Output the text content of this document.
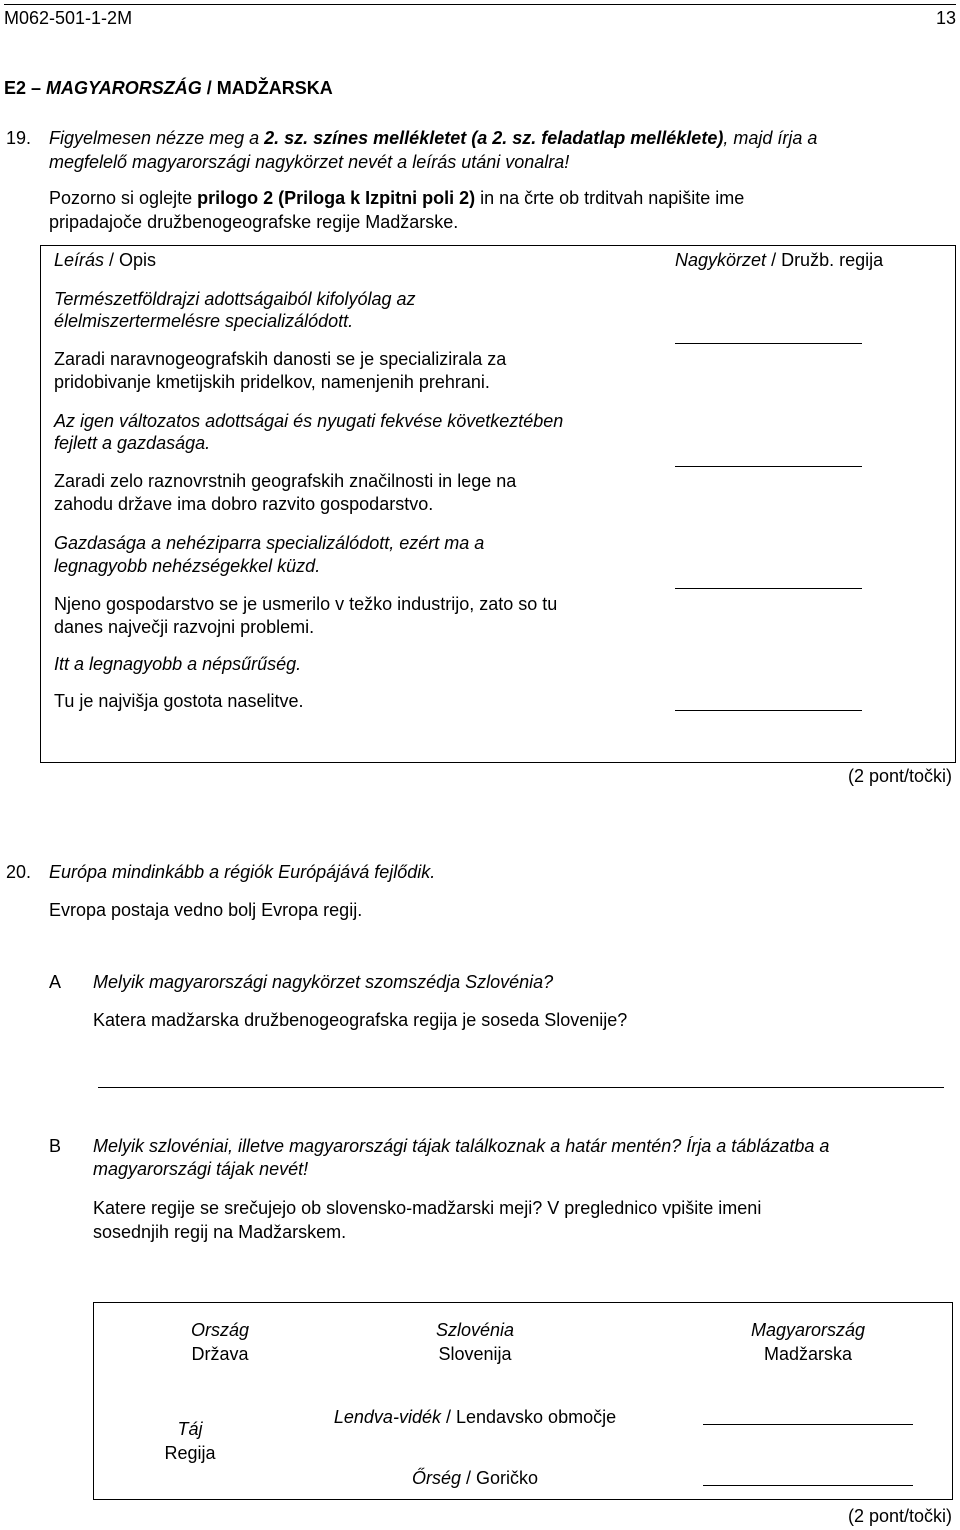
M062-501-1-2M	13
E2 – MAGYARORSZÁG / MADŽARSKA
19. Figyelmesen nézze meg a 2. sz. színes mellékletet (a 2. sz. feladatlap melléklete), majd írja a
megfelelő magyarországi nagykörzet nevét a leírás utáni vonalra!
Pozorno si oglejte prilogo 2 (Priloga k Izpitni poli 2) in na črte ob trditvah napišite ime
pripadajoče družbenogeografske regije Madžarske.
Leírás / Opis	Nagykörzet / Družb. regija
Természetföldrajzi adottságaiból kifolyólag az
élelmiszertermelésre specializálódott.
Zaradi naravnogeografskih danosti se je specializirala za
pridobivanje kmetijskih pridelkov, namenjenih prehrani.
Az igen változatos adottságai és nyugati fekvése következtében
fejlett a gazdasága.
Zaradi zelo raznovrstnih geografskih značilnosti in lege na
zahodu države ima dobro razvito gospodarstvo.
Gazdasága a nehéziparra specializálódott, ezért ma a
legnagyobb nehézségekkel küzd.
Njeno gospodarstvo se je usmerilo v težko industrijo, zato so tu
danes največji razvojni problemi.
Itt a legnagyobb a népsűrűség.
Tu je najvišja gostota naselitve.
(2 pont/točki)
20. Európa mindinkább a régiók Európájává fejlődik.
Evropa postaja vedno bolj Evropa regij.
A Melyik magyarországi nagykörzet szomszédja Szlovénia?
Katera madžarska družbenogeografska regija je soseda Slovenije?
B Melyik szlovéniai, illetve magyarországi tájak találkoznak a határ mentén? Írja a táblázatba a
magyarországi tájak nevét!
Katere regije se srečujejo ob slovensko-madžarski meji? V preglednico vpišite imeni
sosednjih regij na Madžarskem.
Ország
Država
Szlovénia
Slovenija
Magyarország
Madžarska
Táj
Regija
Lendva-vidék / Lendavsko območje
Őrség / Goričko
(2 pont/točki)
